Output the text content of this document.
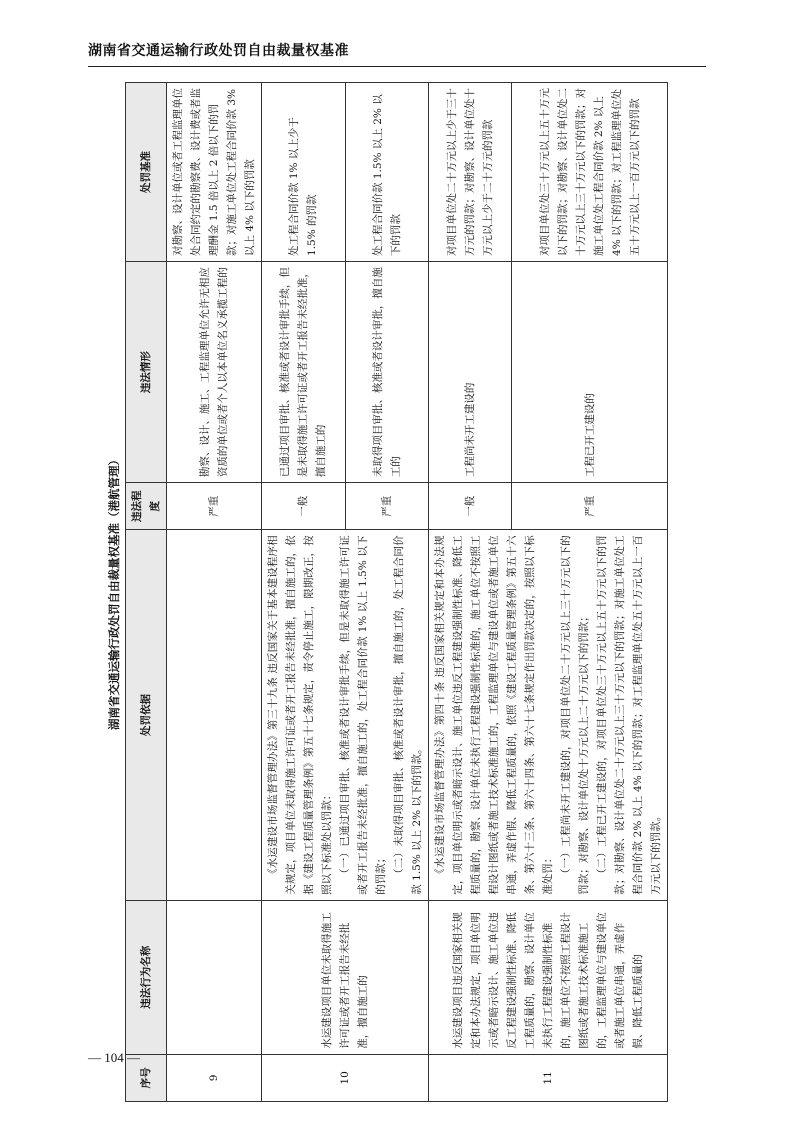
湖南省交通运输行政处罚自由裁量权基准
湖南省交通运输行政处罚自由裁量权基准（港航管理）
序号	违法行为名称	处罚依据	违法程度	违法情形	处罚基准
9			严重	勘察、设计、施工、工程监理单位允许无相应资质的单位或者个人以本单位名义承揽工程的	对勘察、设计单位或者工程监理单位处合同约定的勘察费、设计费或者监理酬金 1.5 倍以上 2 倍以下的罚款；对施工单位处工程合同价款 3% 以上 4% 以下的罚款
10	水运建设项目单位未取得施工许可证或者开工报告未经批准，擅自施工的	《水运建设市场监督管理办法》第三十九条 违反国家关于基本建设程序相关规定，项目单位未取得施工许可证或者开工报告未经批准，擅自施工的，依据《建设工程质量管理条例》第五十七条规定，责令停止施工，限期改正，按照以下标准处以罚款： （一）已通过项目审批、核准或者设计审批手续，但是未取得施工许可证或者开工报告未经批准，擅自施工的，处工程合同价款 1% 以上 1.5% 以下的罚款； （二）未取得项目审批、核准或者设计审批，擅自施工的，处工程合同价款 1.5% 以上 2% 以下的罚款。	一般	已通过项目审批、核准或者设计审批手续，但是未取得施工许可证或者开工报告未经批准，擅自施工的	处工程合同价款 1% 以上少于 1.5% 的罚款
			严重	未取得项目审批、核准或者设计审批，擅自施工的	处工程合同价款 1.5% 以上 2% 以下的罚款
11	水运建设项目违反国家相关规定和本办法规定，项目单位明示或者暗示设计、施工单位违反工程建设强制性标准、降低工程质量的，勘察、设计单位未执行工程建设强制性标准的，施工单位不按照工程设计图纸或者施工技术标准施工的，工程监理单位与建设单位或者施工单位串通，弄虚作假、降低工程质量的	《水运建设市场监督管理办法》第四十条 违反国家相关规定和本办法规定，项目单位明示或者暗示设计、施工单位违反工程建设强制性标准、降低工程质量的，勘察、设计单位未执行工程建设强制性标准的，施工单位不按照工程设计图纸或者施工技术标准施工的，工程监理单位与建设单位或者施工单位串通，弄虚作假、降低工程质量的，依照《建设工程质量管理条例》第五十六条、第六十三条、第六十四条、第六十七条规定作出罚款决定的，按照以下标准处罚： （一）工程尚未开工建设的，对项目单位处二十万元以上三十万元以下的罚款；对勘察、设计单位处十万元以上二十万元以下的罚款； （二）工程已开工建设的，对项目单位处三十万元以上五十万元以下的罚款；对勘察、设计单位处二十万元以上三十万元以下的罚款；对施工单位处工程合同价款 2% 以上 4% 以下的罚款；对工程监理单位处五十万元以上一百万元以下的罚款。	一般	工程尚未开工建设的	对项目单位处二十万元以上少于三十万元的罚款；对勘察、设计单位处十万元以上少于二十万元的罚款
			严重	工程已开工建设的	对项目单位处三十万元以上五十万元以下的罚款；对勘察、设计单位处二十万元以上三十万元以下的罚款；对施工单位处工程合同价款 2% 以上 4% 以下的罚款；对工程监理单位处五十万元以上一百万元以下的罚款
— 104 —
